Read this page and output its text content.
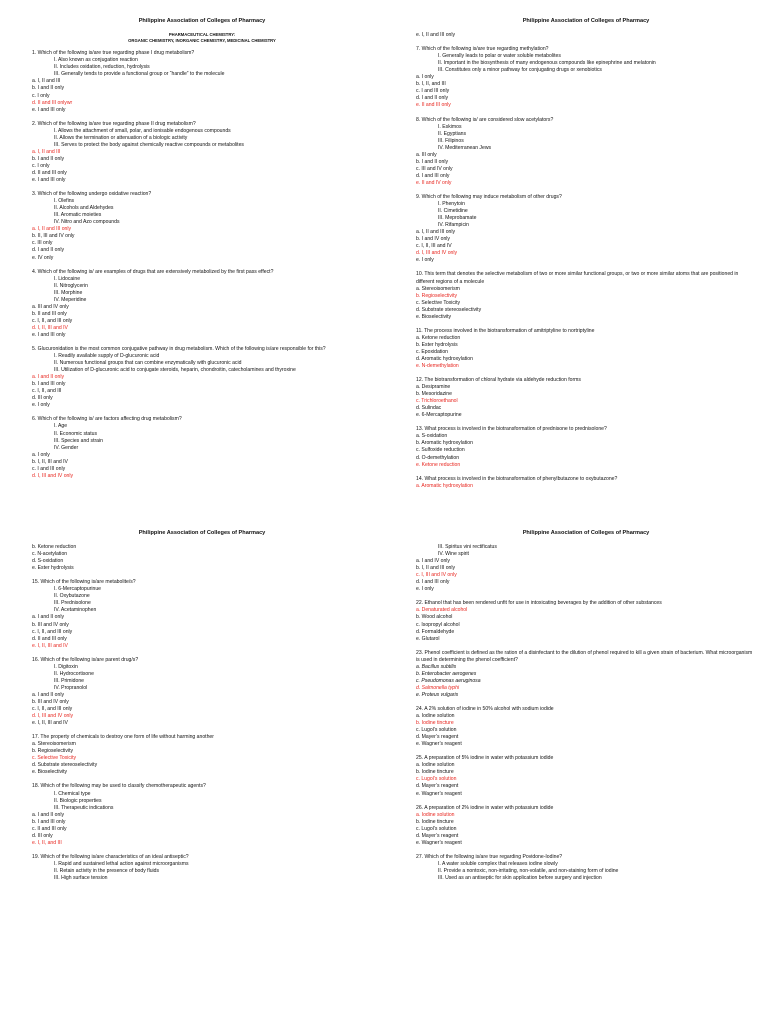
Philippine Association of Colleges of Pharmacy
PHARMACEUTICAL CHEMISTRY:
ORGANIC CHEMISTRY, INORGANIC CHEMISTRY, MEDICINAL CHEMISTRY
1. Which of the following is/are true regarding phase I drug metabolism?
I. Also known as conjugation reaction
II. Includes oxidation, reduction, hydrolysis
III. Generally tends to provide a functional group or “handle” to the molecule
a. I, II and III
b. I and II only
c. I only
d. II and III onlywr
e. I and III only
2. Which of the following is/are true regarding phase II drug metabolism?
I. Allows the attachment of small, polar, and ionisable endogenous compounds
II. Allows the termination or attenuation of a biologic activity
III. Serves to protect the body against chemically reactive compounds or metabolites
a. I, II and III
b. I and II only
c. I only
d. II and III only
e. I and III only
3. Which of the following undergo oxidative reaction?
I. Olefins
II. Alcohols and Aldehydes
III. Aromatic moieties
IV. Nitro and Azo compounds
a. I, II and III only
b. II, III and IV only
c. III only
d. I and II only
e. IV only
4. Which of the following is/ are examples of drugs that are extensively metabolized by the first pass effect?
I. Lidocaine
II. Nitroglycerin
III. Morphine
IV. Meperidine
a. III and IV only
b. II and III only
c. I, II, and III only
d. I, II, III and IV
e. I and III only
5. Glucuronidation is the most common conjugative pathway in drug metabolism. Which of the following is/are responsible for this?
I. Readily available supply of D-glucuronic acid
II. Numerous functional groups that can combine enzymatically with glucuronic acid
III. Utilization of D-glucuronic acid to conjugate steroids, heparin, chondroitin, catecholamines and thyroxine
a. I and II only
b. I and III only
c. I, II, and III
d. III only
e. I only
6. Which of the following is/ are factors affecting drug metabolism?
I. Age
II. Economic status
III. Species and strain
IV. Gender
a. I only
b. I, II, III and IV
c. I and III only
d. I, III and IV only
Philippine Association of Colleges of Pharmacy
e. I, II and III only
7. Which of the following is/are true regarding methylation?
I. Generally leads to polar or water soluble metabolites
II. Important in the biosynthesis of many endogenous compounds like epinephrine and melatonin
III. Constitutes only a minor pathway for conjugating drugs or xenobiotics
a. I only
b. I, II, and III
c. I and III only
d. I and II only
e. II and III only
8. Which of the following is/ are considered slow acetylators?
I. Eskimos
II. Egyptians
III. Filipinos
IV. Mediterranean Jews
a. III only
b. I and II only
c. III and IV only
d. I and III only
e. II and IV only
9. Which of the following may induce metabolism of other drugs?
I. Phenytoin
II. Cimetidine
III. Meprobamate
IV. Rifampicin
a. I, II and III only
b. I and IV only
c. I, II, III and IV
d. I, III and IV only
e. I only
10. This term that denotes the selective metabolism of two or more similar functional groups, or two or more similar atoms that are positioned in different regions of a molecule
a. Stereoisomerism
b. Regioselectivity
c. Selective Toxicity
d. Substrate stereoselectivity
e. Bioselectivity
11. The process involved in the biotransformation of amitriptyline to nortriptyline
a. Ketone reduction
b. Ester hydrolysis
c. Epoxidation
d. Aromatic hydroxylation
e. N-demethylation
12. The biotransformation of chloral hydrate via aldehyde reduction forms
a. Desipramine
b. Mesoridazine
c. Trichloroethanol
d. Sulindac
e. 6-Mercaptopurine
13. What process is involved in the biotransformation of prednisone to prednisolone?
a. S-oxidation
b. Aromatic hydroxylation
c. Sulfoxide reduction
d. O-demethylation
e. Ketone reduction
14. What process is involved in the biotransformation of phenylbutazone to oxybutazone?
a. Aromatic hydroxylation
Philippine Association of Colleges of Pharmacy
b. Ketone reduction
c. N-acetylation
d. S-oxidation
e. Ester hydrolysis
15. Which of the following is/are metabolite/s?
I. 6-Mercaptopurinue
II. Oxybutazone
III. Prednisolone
IV. Acetaminophen
a. I and II only
b. III and IV only
c. I, II, and III only
d. II and III only
e. I, II, III and IV
16. Which of the following is/are parent drug/s?
I. Digitoxin
II. Hydrocortisone
III. Primidone
IV. Propranolol
a. I and II only
b. III and IV only
c. I, II, and III only
d. I, III and IV only
e. I, II, III and IV
17. The property of chemicals to destroy one form of life without harming another
a. Stereoisomerism
b. Regioselectivity
c. Selective Toxicity
d. Substrate stereoselectivity
e. Bioselectivity
18. Which of the following may be used to classify chemotherapeutic agents?
I. Chemical type
II. Biologic properties
III. Therapeutic indications
a. I and II only
b. I and III only
c. II and III only
d. III only
e. I, II, and III
19. Which of the following is/are characteristics of an ideal antiseptic?
I. Rapid and sustained lethal action against microorganisms
II. Retain activity in the presence of body fluids
III. High surface tension
Philippine Association of Colleges of Pharmacy
III. Spiritus vini rectificatus
IV. Wine spirit
a. I and IV only
b. I, II and III only
c. I, III and IV only
d. I and III only
e. I only
22. Ethanol that has been rendered unfit for use in intoxicating beverages by the addition of other substances
a. Denaturated alcohol
b. Wood alcohol
c. Isopropyl alcohol
d. Formaldehyde
e. Glutarol
23. Phenol coefficient is defined as the ration of a disinfectant to the dilution of phenol required to kill a given strain of bacterium. What microorganism is used in determining the phenol coefficient?
a. Bacillus subtilis
b. Enterobacter aerogenes
c. Pseudomonas aeruginosa
d. Salmonella typhi
e. Proteus vulgaris
24. A 2% solution of iodine in 50% alcohol with sodium iodide
a. Iodine solution
b. Iodine tincture
c. Lugol’s solution
d. Mayer’s reagent
e. Wagner’s reagent
25. A preparation of 5% iodine in water with potassium iodide
a. Iodine solution
b. Iodine tincture
c. Lugol’s solution
d. Mayer’s reagent
e. Wagner’s reagent
26. A preparation of 2% iodine in water with potassium iodide
a. Iodine solution
b. Iodine tincture
c. Lugol’s solution
d. Mayer’s reagent
e. Wagner’s reagent
27. Which of the following is/are true regarding Povidone-Iodine?
I. A water soluble complex that releases iodine slowly
II. Provide a nontoxic, non-irritating, non-volatile, and non-staining form of iodine
III. Used as an antiseptic for skin application before surgery and injection
